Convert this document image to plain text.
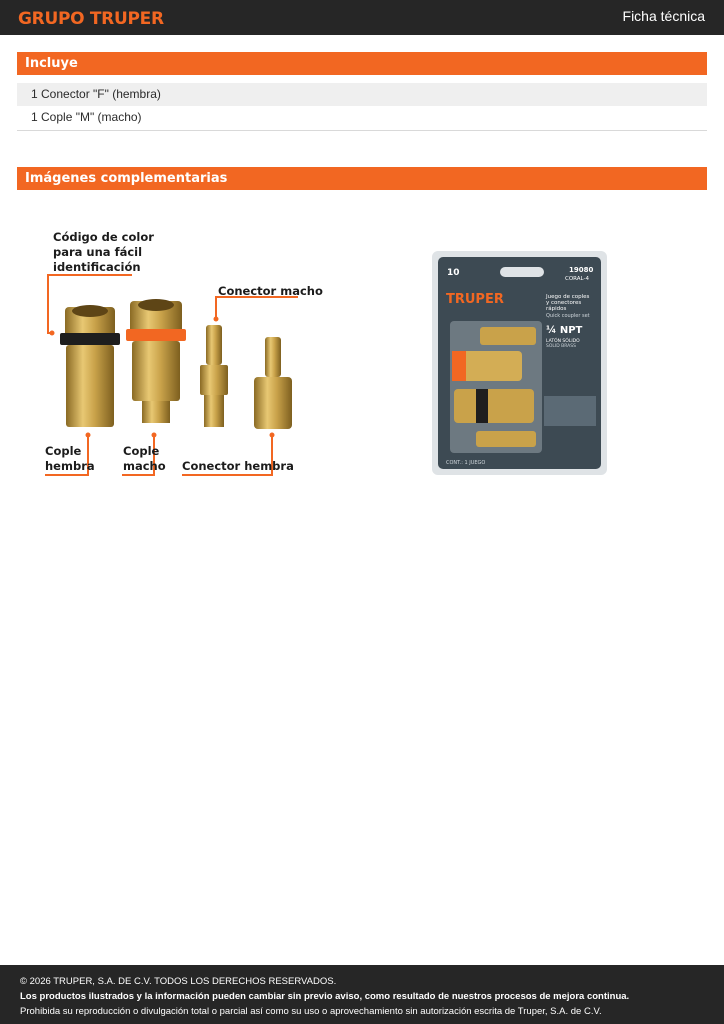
GRUPO TRUPER	Ficha técnica
Incluye
1 Conector "F" (hembra)
1 Cople "M" (macho)
Imágenes complementarias
Código de color para una fácil identificación
Conector macho
Cople hembra
Cople macho Conector hembra
10	19080
CORAL-4
TRUPER	Juego de coples y conectores rápidos
Quick coupler set
¼ NPT
LATÓN SÓLIDO
SOLID BRASS
CONT.: 1 JUEGO
© 2026 TRUPER, S.A. DE C.V. TODOS LOS DERECHOS RESERVADOS.
Los productos ilustrados y la información pueden cambiar sin previo aviso, como resultado de nuestros procesos de mejora continua.
Prohibida su reproducción o divulgación total o parcial así como su uso o aprovechamiento sin autorización escrita de Truper, S.A. de C.V.
